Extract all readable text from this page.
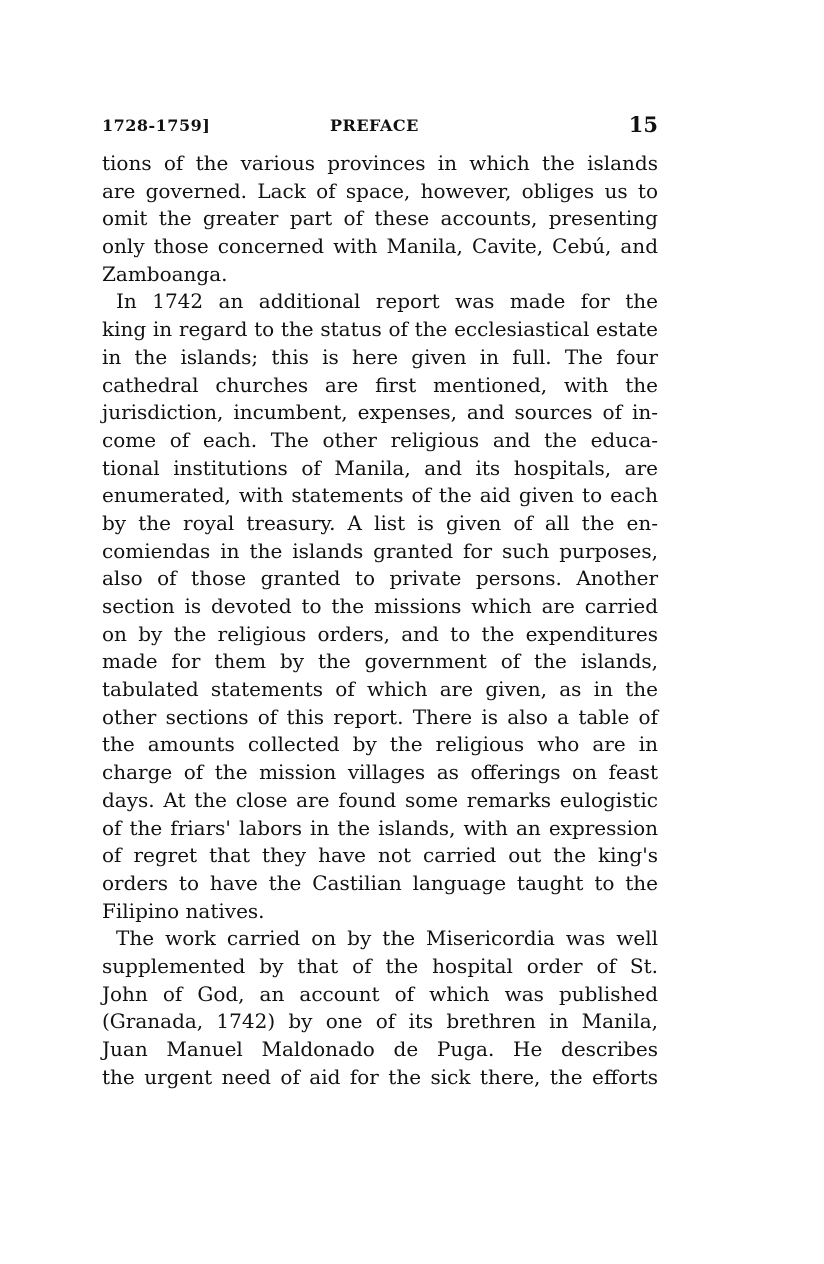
1728-1759]	PREFACE	15
tions of the various provinces in which the islands
are governed. Lack of space, however, obliges us to
omit the greater part of these accounts, presenting
only those concerned with Manila, Cavite, Cebú, and
Zamboanga.
In 1742 an additional report was made for the
king in regard to the status of the ecclesiastical estate
in the islands; this is here given in full. The four
cathedral churches are first mentioned, with the
jurisdiction, incumbent, expenses, and sources of in-
come of each. The other religious and the educa-
tional institutions of Manila, and its hospitals, are
enumerated, with statements of the aid given to each
by the royal treasury. A list is given of all the en-
comiendas in the islands granted for such purposes,
also of those granted to private persons. Another
section is devoted to the missions which are carried
on by the religious orders, and to the expenditures
made for them by the government of the islands,
tabulated statements of which are given, as in the
other sections of this report. There is also a table of
the amounts collected by the religious who are in
charge of the mission villages as offerings on feast
days. At the close are found some remarks eulogistic
of the friars' labors in the islands, with an expression
of regret that they have not carried out the king's
orders to have the Castilian language taught to the
Filipino natives.
The work carried on by the Misericordia was well
supplemented by that of the hospital order of St.
John of God, an account of which was published
(Granada, 1742) by one of its brethren in Manila,
Juan Manuel Maldonado de Puga. He describes
the urgent need of aid for the sick there, the efforts
